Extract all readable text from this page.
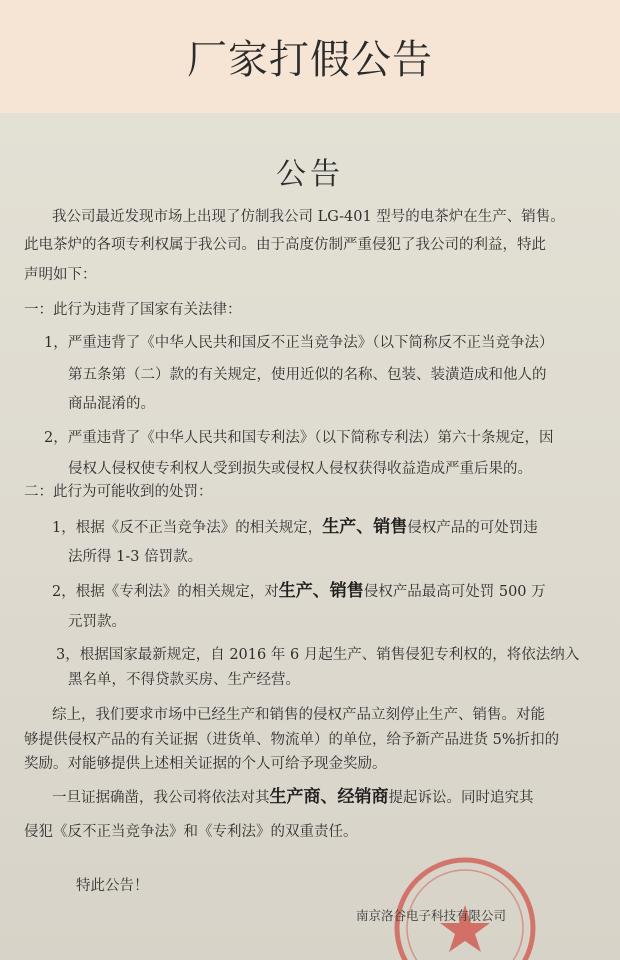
厂家打假公告
公告
我公司最近发现市场上出现了仿制我公司 LG-401 型号的电茶炉在生产、销售。
此电茶炉的各项专利权属于我公司。由于高度仿制严重侵犯了我公司的利益，特此
声明如下：
一：此行为违背了国家有关法律：
1，严重违背了《中华人民共和国反不正当竞争法》（以下简称反不正当竞争法）
第五条第（二）款的有关规定，使用近似的名称、包装、装潢造成和他人的
商品混淆的。
2，严重违背了《中华人民共和国专利法》（以下简称专利法）第六十条规定，因
侵权人侵权使专利权人受到损失或侵权人侵权获得收益造成严重后果的。
二：此行为可能收到的处罚：
1，根据《反不正当竞争法》的相关规定，生产、销售侵权产品的可处罚违
法所得 1-3 倍罚款。
2，根据《专利法》的相关规定，对生产、销售侵权产品最高可处罚 500 万
元罚款。
3，根据国家最新规定，自 2016 年 6 月起生产、销售侵犯专利权的，将依法纳入
黑名单，不得贷款买房、生产经营。
综上，我们要求市场中已经生产和销售的侵权产品立刻停止生产、销售。对能
够提供侵权产品的有关证据（进货单、物流单）的单位，给予新产品进货 5%折扣的
奖励。对能够提供上述相关证据的个人可给予现金奖励。
一旦证据确凿，我公司将依法对其生产商、经销商提起诉讼。同时追究其
侵犯《反不正当竞争法》和《专利法》的双重责任。
特此公告！
南京洛谷电子科技有限公司
